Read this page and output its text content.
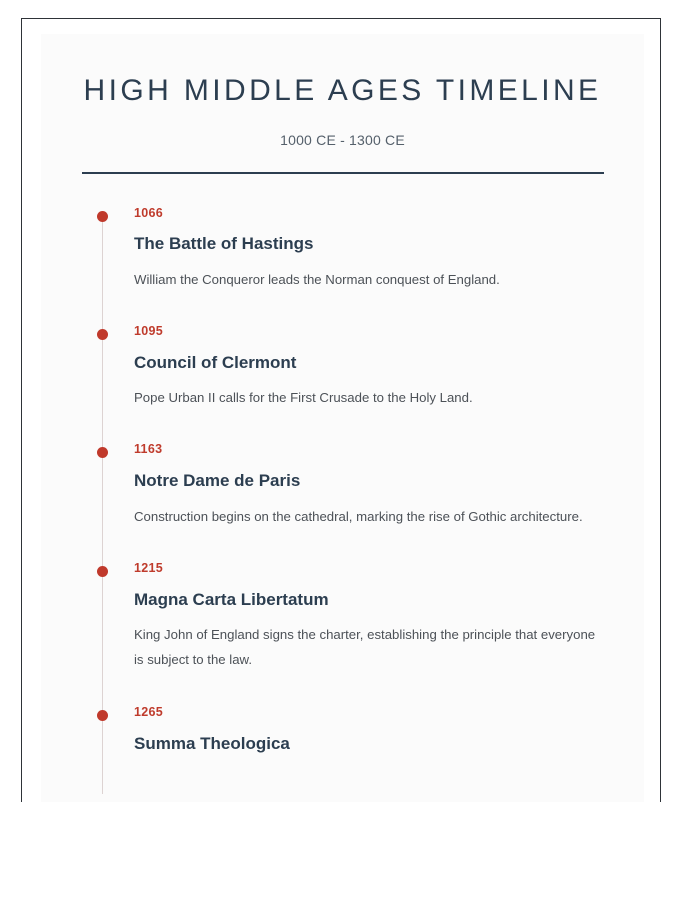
HIGH MIDDLE AGES TIMELINE

1000 CE - 1300 CE

1066
The Battle of Hastings
William the Conqueror leads the Norman conquest of England.
1095
Council of Clermont
Pope Urban II calls for the First Crusade to the Holy Land.
1163
Notre Dame de Paris
Construction begins on the cathedral, marking the rise of Gothic architecture.
1215
Magna Carta Libertatum
King John of England signs the charter, establishing the principle that everyone is subject to the law.
1265
Summa Theologica
